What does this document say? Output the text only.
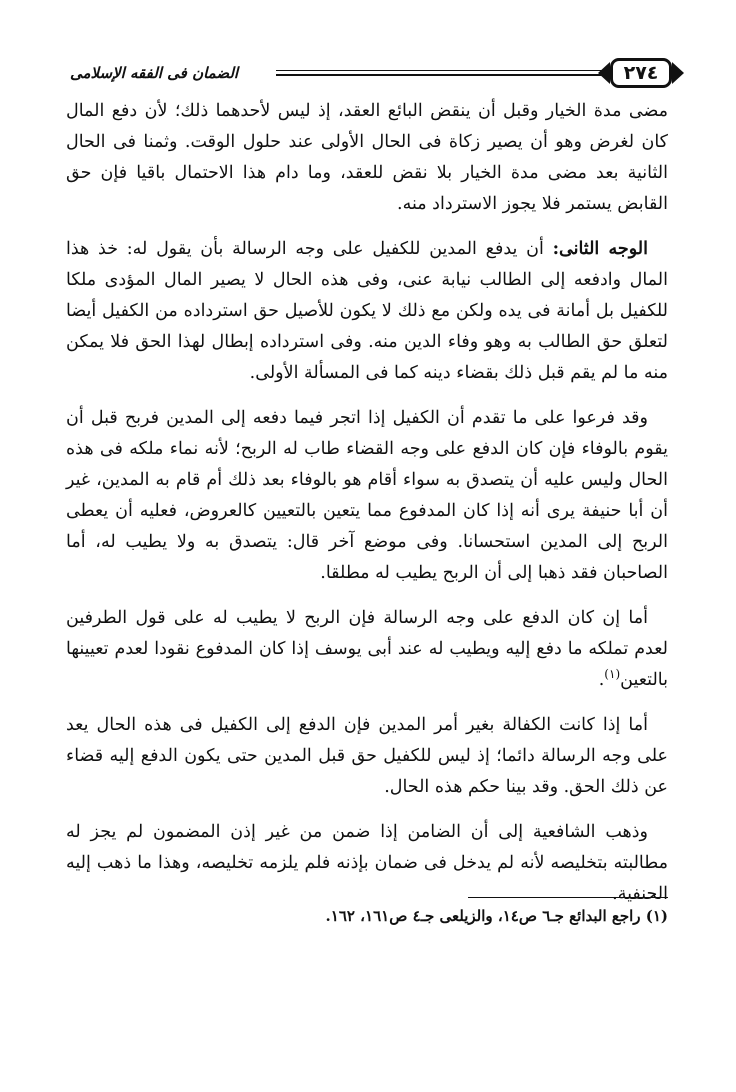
الضمان فى الفقه الإسلامى	٢٧٤

مضى مدة الخيار وقبل أن ينقض البائع العقد، إذ ليس لأحدهما ذلك؛ لأن دفع المال كان لغرض وهو أن يصير زكاة فى الحال الأولى عند حلول الوقت. وثمنا فى الحال الثانية بعد مضى مدة الخيار بلا نقض للعقد، وما دام هذا الاحتمال باقيا فإن حق القابض يستمر فلا يجوز الاسترداد منه.

الوجه الثانى: أن يدفع المدين للكفيل على وجه الرسالة بأن يقول له: خذ هذا المال وادفعه إلى الطالب نيابة عنى، وفى هذه الحال لا يصير المال المؤدى ملكا للكفيل بل أمانة فى يده ولكن مع ذلك لا يكون للأصيل حق استرداده من الكفيل أيضا لتعلق حق الطالب به وهو وفاء الدين منه. وفى استرداده إبطال لهذا الحق فلا يمكن منه ما لم يقم قبل ذلك بقضاء دينه كما فى المسألة الأولى.

وقد فرعوا على ما تقدم أن الكفيل إذا اتجر فيما دفعه إلى المدين فربح قبل أن يقوم بالوفاء فإن كان الدفع على وجه القضاء طاب له الربح؛ لأنه نماء ملكه فى هذه الحال وليس عليه أن يتصدق به سواء أقام هو بالوفاء بعد ذلك أم قام به المدين، غير أن أبا حنيفة يرى أنه إذا كان المدفوع مما يتعين بالتعيين كالعروض، فعليه أن يعطى الربح إلى المدين استحسانا. وفى موضع آخر قال: يتصدق به ولا يطيب له، أما الصاحبان فقد ذهبا إلى أن الربح يطيب له مطلقا.

أما إن كان الدفع على وجه الرسالة فإن الربح لا يطيب له على قول الطرفين لعدم تملكه ما دفع إليه ويطيب له عند أبى يوسف إذا كان المدفوع نقودا لعدم تعيينها بالتعين$^{(١)}$.

أما إذا كانت الكفالة بغير أمر المدين فإن الدفع إلى الكفيل فى هذه الحال يعد على وجه الرسالة دائما؛ إذ ليس للكفيل حق قبل المدين حتى يكون الدفع إليه قضاء عن ذلك الحق. وقد بينا حكم هذه الحال.

وذهب الشافعية إلى أن الضامن إذا ضمن من غير إذن المضمون لم يجز له مطالبته بتخليصه لأنه لم يدخل فى ضمان بإذنه فلم يلزمه تخليصه، وهذا ما ذهب إليه الحنفية.

(١) راجع البدائع جـ٦ ص١٤، والزيلعى جـ٤ ص١٦١، ١٦٢.
